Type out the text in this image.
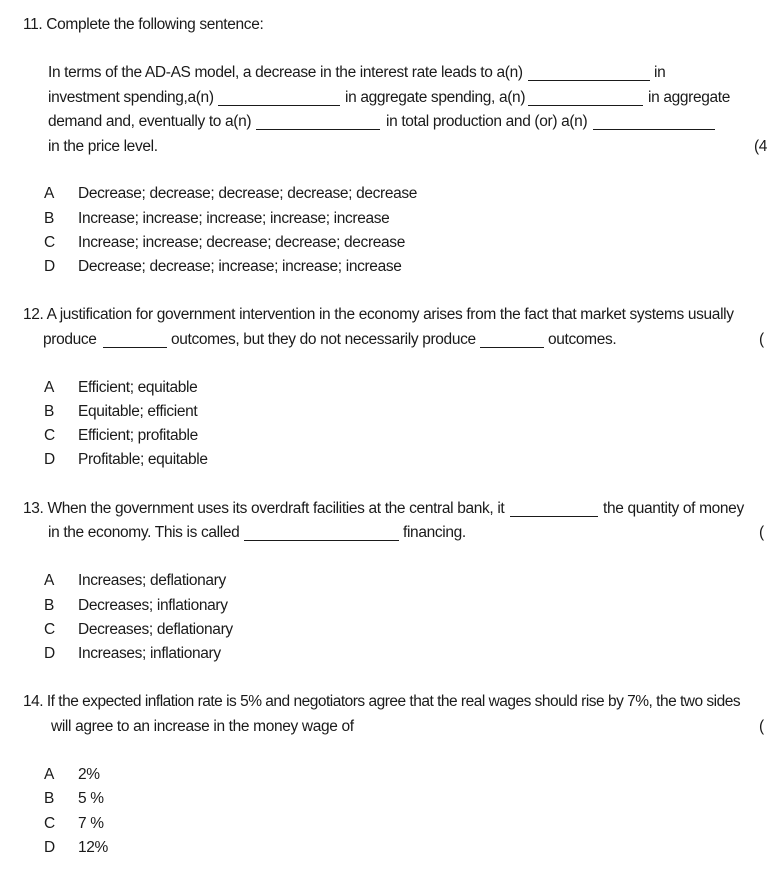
11. Complete the following sentence:
In terms of the AD-AS model, a decrease in the interest rate leads to a(n)	in
investment spending,a(n)	in aggregate spending, a(n)	in aggregate
demand and, eventually to a(n)	in total production and (or) a(n)
in the price level.	(4
A	Decrease; decrease; decrease; decrease; decrease
B	Increase; increase; increase; increase; increase
C	Increase; increase; decrease; decrease; decrease
D	Decrease; decrease; increase; increase; increase
12. A justification for government intervention in the economy arises from the fact that market systems usually
produce	outcomes, but they do not necessarily produce	outcomes.	(
A	Efficient; equitable
B	Equitable; efficient
C	Efficient; profitable
D	Profitable; equitable
13. When the government uses its overdraft facilities at the central bank, it	the quantity of money
in the economy. This is called	financing.	(
A	Increases; deflationary
B	Decreases; inflationary
C	Decreases; deflationary
D	Increases; inflationary
14. If the expected inflation rate is 5% and negotiators agree that the real wages should rise by 7%, the two sides
will agree to an increase in the money wage of	(
A	2%
B	5 %
C	7 %
D	12%
